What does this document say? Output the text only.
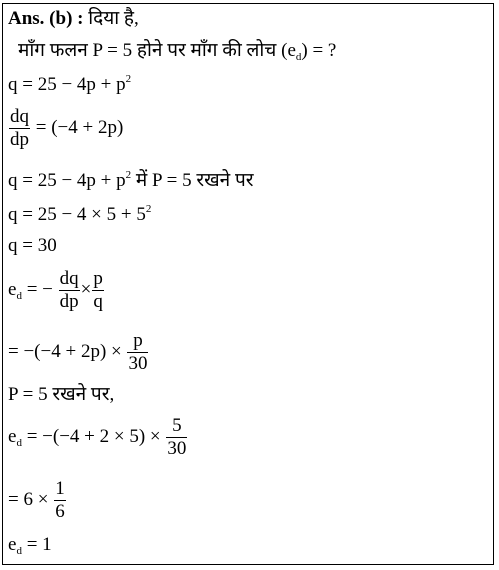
Ans. (b) : दिया है,
माँग फलन P = 5 होने पर माँग की लोच $(e_d)$ = ?
$q = 25 - 4p + p^2$
$\frac{dq}{dp} = (-4 + 2p)$
$q = 25 - 4p + p^2$ में P = 5 रखने पर
$q = 25 - 4 \times 5 + 5^2$
q = 30
$e_d$ = − $\frac{dq}{dp} \times \frac{p}{q}$
= $-(-4 + 2p) \times \frac{p}{30}$
P = 5 रखने पर,
$e_d = -(-4 + 2 \times 5) \times \frac{5}{30}$
= $6 \times \frac{1}{6}$
$e_d = 1$
